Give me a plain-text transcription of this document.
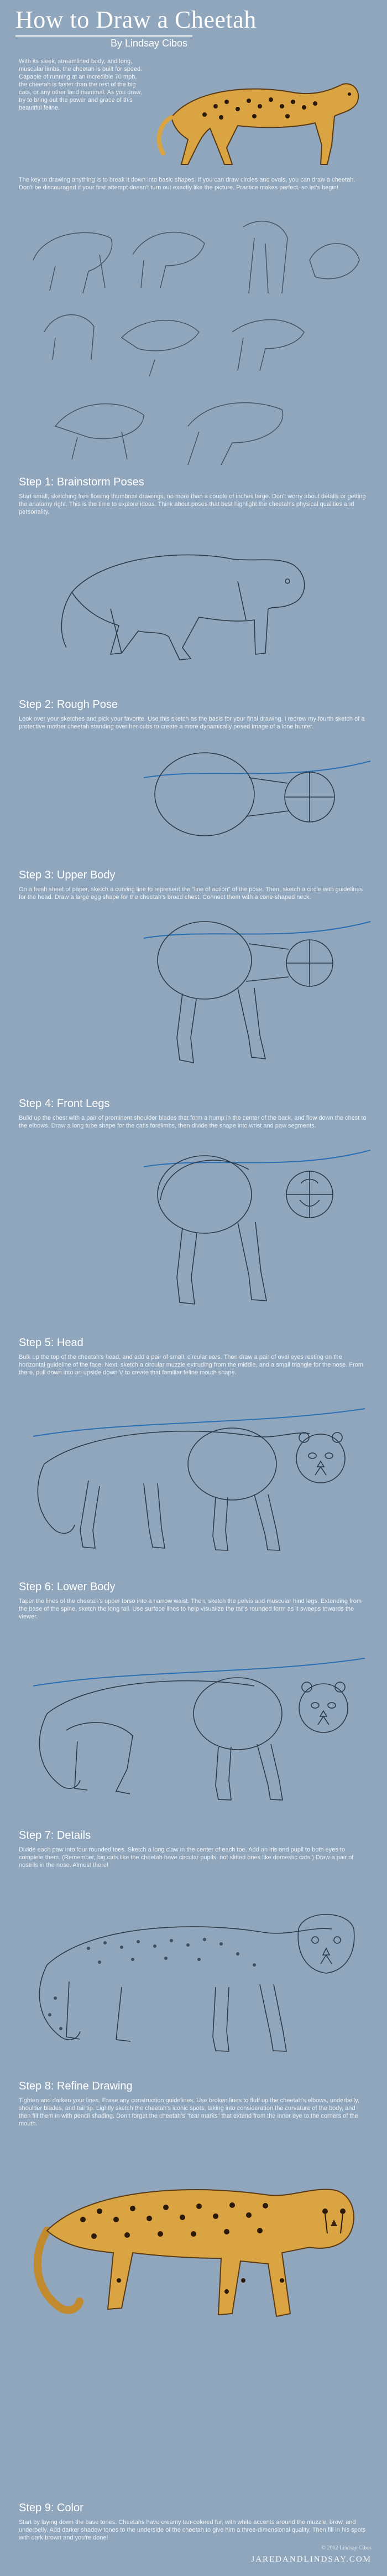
How to Draw a Cheetah
By Lindsay Cibos
With its sleek, streamlined body, and long, muscular limbs, the cheetah is built for speed. Capable of running at an incredible 70 mph, the cheetah is faster than the rest of the big cats, or any other land mammal. As you draw, try to bring out the power and grace of this beautiful feline.
The key to drawing anything is to break it down into basic shapes. If you can draw circles and ovals, you can draw a cheetah. Don't be discouraged if your first attempt doesn't turn out exactly like the picture. Practice makes perfect, so let's begin!
Step 1: Brainstorm Poses
Start small, sketching free flowing thumbnail drawings, no more than a couple of inches large. Don't worry about details or getting the anatomy right. This is the time to explore ideas. Think about poses that best highlight the cheetah's physical qualities and personality.
Step 2: Rough Pose
Look over your sketches and pick your favorite. Use this sketch as the basis for your final drawing. I redrew my fourth sketch of a protective mother cheetah standing over her cubs to create a more dynamically posed image of a lone hunter.
Step 3: Upper Body
On a fresh sheet of paper, sketch a curving line to represent the "line of action" of the pose. Then, sketch a circle with guidelines for the head. Draw a large egg shape for the cheetah's broad chest. Connect them with a cone-shaped neck.
Step 4: Front Legs
Build up the chest with a pair of prominent shoulder blades that form a hump in the center of the back, and flow down the chest to the elbows. Draw a long tube shape for the cat's forelimbs, then divide the shape into wrist and paw segments.
Step 5: Head
Bulk up the top of the cheetah's head, and add a pair of small, circular ears. Then draw a pair of oval eyes resting on the horizontal guideline of the face. Next, sketch a circular muzzle extruding from the middle, and a small triangle for the nose. From there, pull down into an upside down V to create that familiar feline mouth shape.
Step 6: Lower Body
Taper the lines of the cheetah's upper torso into a narrow waist. Then, sketch the pelvis and muscular hind legs. Extending from the base of the spine, sketch the long tail. Use surface lines to help visualize the tail's rounded form as it sweeps towards the viewer.
Step 7: Details
Divide each paw into four rounded toes. Sketch a long claw in the center of each toe. Add an iris and pupil to both eyes to complete them. (Remember, big cats like the cheetah have circular pupils, not slitted ones like domestic cats.) Draw a pair of nostrils in the nose. Almost there!
Step 8: Refine Drawing
Tighten and darken your lines. Erase any construction guidelines. Use broken lines to fluff up the cheetah's elbows, underbelly, shoulder blades, and tail tip. Lightly sketch the cheetah's iconic spots, taking into consideration the curvature of the body, and then fill them in with pencil shading. Don't forget the cheetah's "tear marks" that extend from the inner eye to the corners of the mouth.
Step 9: Color
Start by laying down the base tones. Cheetahs have creamy tan-colored fur, with white accents around the muzzle, brow, and underbelly. Add darker shadow tones to the underside of the cheetah to give him a three-dimensional quality. Then fill in his spots with dark brown and you're done!
© 2012 Lindsay Cibos
JAREDANDLINDSAY.COM
